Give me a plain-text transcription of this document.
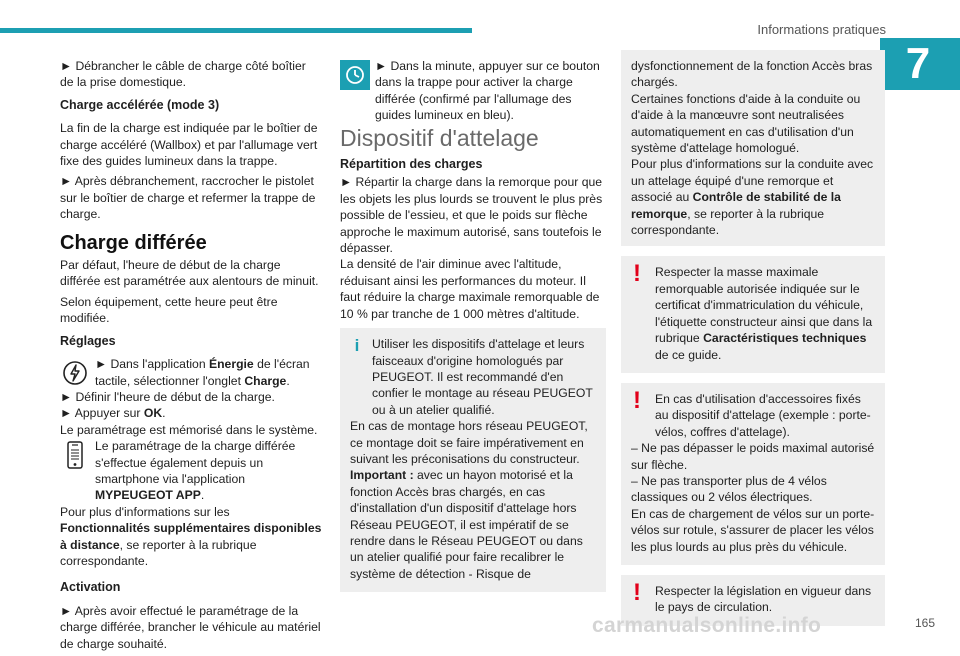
Informations pratiques
7

► Débrancher le câble de charge côté boîtier de la prise domestique.

Charge accélérée (mode 3)

La fin de la charge est indiquée par le boîtier de charge accéléré (Wallbox) et par l'allumage vert fixe des guides lumineux dans la trappe.

► Après débranchement, raccrocher le pistolet sur le boîtier de charge et refermer la trappe de charge.

Charge différée

Par défaut, l'heure de début de la charge différée est paramétrée aux alentours de minuit.

Selon équipement, cette heure peut être modifiée.

Réglages
► Dans l'application Énergie de l'écran tactile, sélectionner l'onglet Charge.

► Définir l'heure de début de la charge.

► Appuyer sur OK.

Le paramétrage est mémorisé dans le système.

Le paramétrage de la charge différée s'effectue également depuis un smartphone via l'application MYPEUGEOT APP.

Pour plus d'informations sur les Fonctionnalités supplémentaires disponibles à distance, se reporter à la rubrique correspondante.

Activation

► Après avoir effectué le paramétrage de la charge différée, brancher le véhicule au matériel de charge souhaité.

► Dans la minute, appuyer sur ce bouton dans la trappe pour activer la charge différée (confirmé par l'allumage des guides lumineux en bleu).
Dispositif d'attelage
Répartition des charges

► Répartir la charge dans la remorque pour que les objets les plus lourds se trouvent le plus près possible de l'essieu, et que le poids sur flèche approche le maximum autorisé, sans toutefois le dépasser.

La densité de l'air diminue avec l'altitude, réduisant ainsi les performances du moteur. Il faut réduire la charge maximale remorquable de 10 % par tranche de 1 000 mètres d'altitude.

i	Utiliser les dispositifs d'attelage et leurs faisceaux d'origine homologués par PEUGEOT. Il est recommandé d'en confier le montage au réseau PEUGEOT ou à un atelier qualifié.

En cas de montage hors réseau PEUGEOT, ce montage doit se faire impérativement en suivant les préconisations du constructeur.

Important : avec un hayon motorisé et la fonction Accès bras chargés, en cas d'installation d'un dispositif d'attelage hors Réseau PEUGEOT, il est impératif de se rendre dans le Réseau PEUGEOT ou dans un atelier qualifié pour faire recalibrer le système de détection - Risque de

dysfonctionnement de la fonction Accès bras chargés.

Certaines fonctions d'aide à la conduite ou d'aide à la manœuvre sont neutralisées automatiquement en cas d'utilisation d'un système d'attelage homologué.

Pour plus d'informations sur la conduite avec un attelage équipé d'une remorque et associé au Contrôle de stabilité de la remorque, se reporter à la rubrique correspondante.

!	Respecter la masse maximale remorquable autorisée indiquée sur le certificat d'immatriculation du véhicule, l'étiquette constructeur ainsi que dans la rubrique Caractéristiques techniques de ce guide.

!	En cas d'utilisation d'accessoires fixés au dispositif d'attelage (exemple : porte-vélos, coffres d'attelage).

– Ne pas dépasser le poids maximal autorisé sur flèche.

– Ne pas transporter plus de 4 vélos classiques ou 2 vélos électriques.

En cas de chargement de vélos sur un porte-vélos sur rotule, s'assurer de placer les vélos les plus lourds au plus près du véhicule.

!	Respecter la législation en vigueur dans le pays de circulation.

165
carmanualsonline.info
